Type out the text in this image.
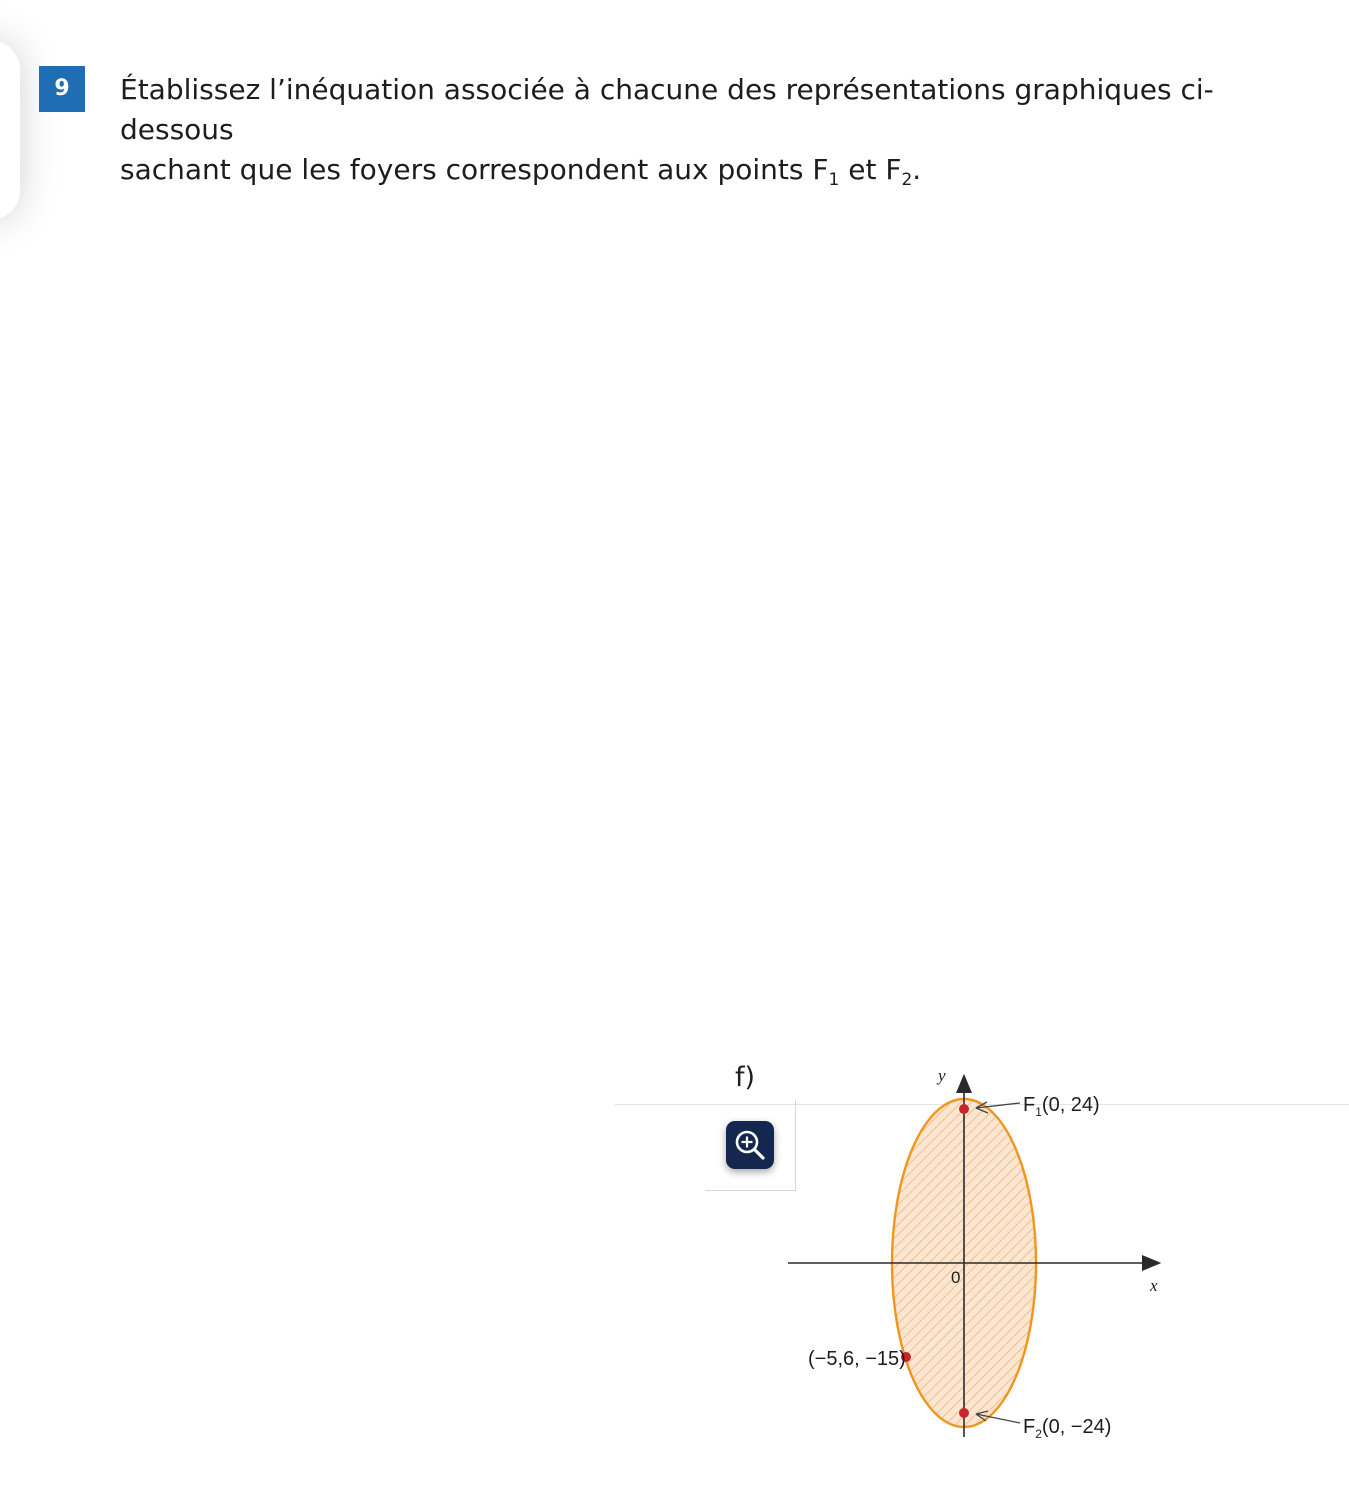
9	Établissez l’inéquation associée à chacune des représentations graphiques ci-dessous
sachant que les foyers correspondent aux points $F_1$ et $F_2$.
f)	y
x
0
$F_1(0$, 24)
$F_2(0$, −24)
(−5,6, −15)
